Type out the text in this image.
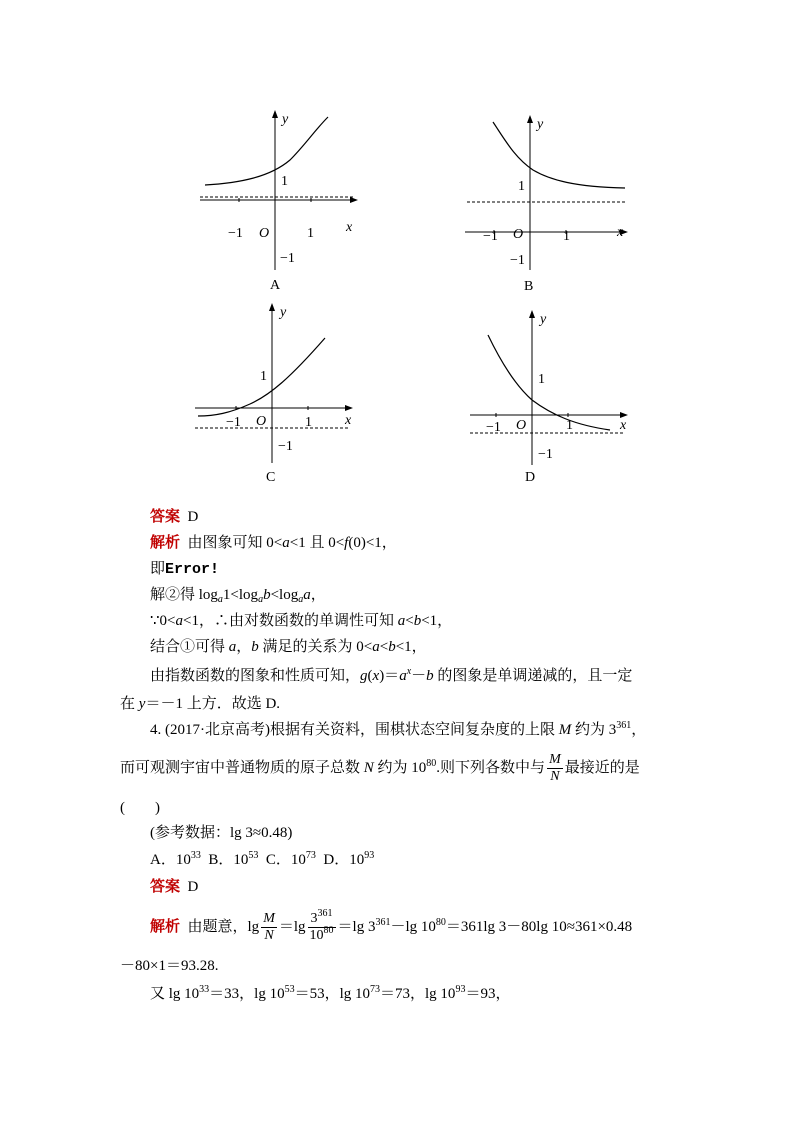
y
x
O
1
−1	1
−1
A
y
x
O
1
−1	1
−1
B
y
x
O
1
−1	1
−1
C
y
x
O
1
−1	1
−1
D
答案 D
解析 由图象可知 0<a<1 且 0<f(0)<1，
即Error!
解②得 $\log_a1<\log_ab<\log_aa$，
∵0<a<1，∴由对数函数的单调性可知 a<b<1，
结合①可得 a，b 满足的关系为 0<a<b<1，
由指数函数的图象和性质可知，$g(x)=a^x-b$ 的图象是单调递减的，且一定
在 y＝－1 上方．故选 D.
4. (2017·北京高考)根据有关资料，围棋状态空间复杂度的上限 M 约为 $3^{361}$，
而可观测宇宙中普通物质的原子总数 N 约为 $10^{80}$.则下列各数中与 $\frac{M}{N}$ 最接近的是
(　　)
(参考数据：lg 3≈0.48)
A．$10^{33}$ B．$10^{53}$ C．$10^{73}$ D．$10^{93}$
答案 D
解析 由题意，$\lg \frac{M}{N} =\lg \frac{3^{361}}{10^{80}} =\lg$ $3^{361}-\lg$ $10^{80}=361\lg$ 3－80lg 10≈361×0.48
－80×1＝93.28.
又 $\lg 10^{33}=33$，$\lg 10^{53}=53$，$\lg 10^{73}=73$，$\lg 10^{93}=93$，
